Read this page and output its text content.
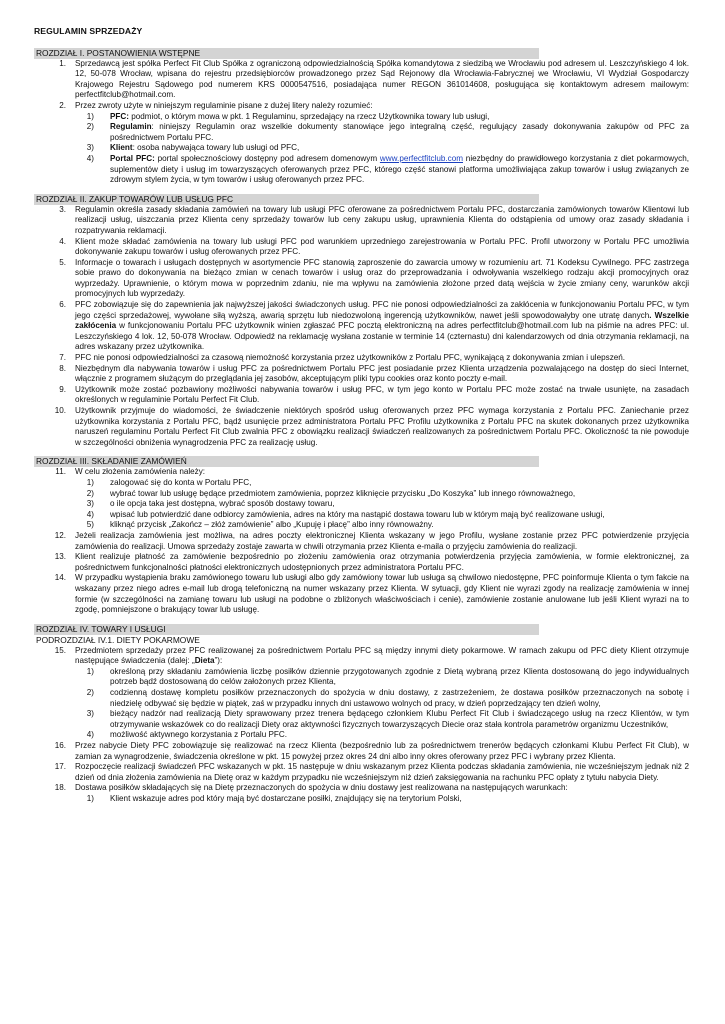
REGULAMIN SPRZEDAŻY
ROZDZIAŁ I. POSTANOWIENIA WSTĘPNE
1.	Sprzedawcą jest spółka Perfect Fit Club Spółka z ograniczoną odpowiedzialnością Spółka komandytowa z siedzibą we Wrocławiu pod adresem ul. Leszczyńskiego 4 lok. 12, 50-078 Wrocław, wpisana do rejestru przedsiębiorców prowadzonego przez Sąd Rejonowy dla Wrocławia-Fabrycznej we Wrocławiu, VI Wydział Gospodarczy Krajowego Rejestru Sądowego pod numerem KRS 0000547516, posiadająca numer REGON 361014608, posługująca się kontaktowym adresem mailowym: perfectfitclub@hotmail.com.
2.	Przez zwroty użyte w niniejszym regulaminie pisane z dużej litery należy rozumieć:
1)	PFC: podmiot, o którym mowa w pkt. 1 Regulaminu, sprzedający na rzecz Użytkownika towary lub usługi,
2)	Regulamin: niniejszy Regulamin oraz wszelkie dokumenty stanowiące jego integralną część, regulujący zasady dokonywania zakupów od PFC za pośrednictwem Portalu PFC.
3)	Klient: osoba nabywająca towary lub usługi od PFC,
4)	Portal PFC: portal społecznościowy dostępny pod adresem domenowym www.perfectfitclub.com niezbędny do prawidłowego korzystania z diet pokarmowych, suplementów diety i usług im towarzyszących oferowanych przez PFC, którego część stanowi platforma umożliwiająca zakup towarów i usług związanych ze zdrowym stylem życia, w tym towarów i usług oferowanych przez PFC.
ROZDZIAŁ II. ZAKUP TOWARÓW LUB USŁUG PFC
3.	Regulamin określa zasady składania zamówień na towary lub usługi PFC oferowane za pośrednictwem Portalu PFC, dostarczania zamówionych towarów Klientowi lub realizacji usług, uiszczania przez Klienta ceny sprzedaży towarów lub ceny zakupu usług, uprawnienia Klienta do odstąpienia od umowy oraz zasady składania i rozpatrywania reklamacji.
4.	Klient może składać zamówienia na towary lub usługi PFC pod warunkiem uprzedniego zarejestrowania w Portalu PFC. Profil utworzony w Portalu PFC umożliwia dokonywanie zakupu towarów i usług oferowanych przez PFC.
5.	Informacje o towarach i usługach dostępnych w asortymencie PFC stanowią zaproszenie do zawarcia umowy w rozumieniu art. 71 Kodeksu Cywilnego. PFC zastrzega sobie prawo do dokonywania na bieżąco zmian w cenach towarów i usług oraz do przeprowadzania i odwoływania wszelkiego rodzaju akcji promocyjnych oraz wyprzedaży. Uprawnienie, o którym mowa w poprzednim zdaniu, nie ma wpływu na zamówienia złożone przed datą wejścia w życie zmiany ceny, warunków akcji promocyjnych lub wyprzedaży.
6.	PFC zobowiązuje się do zapewnienia jak najwyższej jakości świadczonych usług. PFC nie ponosi odpowiedzialności za zakłócenia w funkcjonowaniu Portalu PFC, w tym jego części sprzedażowej, wywołane siłą wyższą, awarią sprzętu lub niedozwoloną ingerencją użytkowników, nawet jeśli spowodowałyby one utratę danych. Wszelkie zakłócenia w funkcjonowaniu Portalu PFC użytkownik winien zgłaszać PFC pocztą elektroniczną na adres perfectfitclub@hotmail.com lub na piśmie na adres PFC: ul. Leszczyńskiego 4 lok. 12, 50-078 Wrocław. Odpowiedź na reklamację wysłana zostanie w terminie 14 (czternastu) dni kalendarzowych od dnia otrzymania reklamacji, na adres wskazany przez użytkownika.
7.	PFC nie ponosi odpowiedzialności za czasową niemożność korzystania przez użytkowników z Portalu PFC, wynikającą z dokonywania zmian i ulepszeń.
8.	Niezbędnym dla nabywania towarów i usług PFC za pośrednictwem Portalu PFC jest posiadanie przez Klienta urządzenia pozwalającego na dostęp do sieci Internet, włącznie z programem służącym do przeglądania jej zasobów, akceptującym pliki typu cookies oraz konto poczty e-mail.
9.	Użytkownik może zostać pozbawiony możliwości nabywania towarów i usług PFC, w tym jego konto w Portalu PFC może zostać na trwałe usunięte, na zasadach określonych w regulaminie Portalu Perfect Fit Club.
10.	Użytkownik przyjmuje do wiadomości, że świadczenie niektórych spośród usług oferowanych przez PFC wymaga korzystania z Portalu PFC. Zaniechanie przez użytkownika korzystania z Portalu PFC, bądź usunięcie przez administratora Portalu PFC Profilu użytkownika z Portalu PFC na skutek dokonanych przez użytkownika naruszeń regulaminu Portalu Perfect Fit Club zwalnia PFC z obowiązku realizacji świadczeń realizowanych za pośrednictwem Portalu PFC. Okoliczność ta nie powoduje w szczególności obniżenia wynagrodzenia PFC za realizację usług.
ROZDZIAŁ III. SKŁADANIE ZAMÓWIEŃ
11.	W celu złożenia zamówienia należy:
1)	zalogować się do konta w Portalu PFC,
2)	wybrać towar lub usługę będące przedmiotem zamówienia, poprzez kliknięcie przycisku „Do Koszyka” lub innego równoważnego,
3)	o ile opcja taka jest dostępna, wybrać sposób dostawy towaru,
4)	wpisać lub potwierdzić dane odbiorcy zamówienia, adres na który ma nastąpić dostawa towaru lub w którym mają być realizowane usługi,
5)	kliknąć przycisk „Zakończ – złóż zamówienie” albo „Kupuję i płacę” albo inny równoważny.
12.	Jeżeli realizacja zamówienia jest możliwa, na adres poczty elektronicznej Klienta wskazany w jego Profilu, wysłane zostanie przez PFC potwierdzenie przyjęcia zamówienia do realizacji. Umowa sprzedaży zostaje zawarta w chwili otrzymania przez Klienta e-maila o przyjęciu zamówienia do realizacji.
13.	Klient realizuje płatność za zamówienie bezpośrednio po złożeniu zamówienia oraz otrzymania potwierdzenia przyjęcia zamówienia, w formie elektronicznej, za pośrednictwem funkcjonalności płatności elektronicznych udostępnionych przez administratora Portalu PFC.
14.	W przypadku wystąpienia braku zamówionego towaru lub usługi albo gdy zamówiony towar lub usługa są chwilowo niedostępne, PFC poinformuje Klienta o tym fakcie na wskazany przez niego adres e-mail lub drogą telefoniczną na numer wskazany przez Klienta. W sytuacji, gdy Klient nie wyrazi zgody na realizację zamówienia w innej formie (w szczególności na zamianę towaru lub usługi na podobne o zbliżonych właściwościach i cenie), zamówienie zostanie anulowane lub jeśli Klient wyrazi na to zgodę, pomniejszone o brakujący towar lub usługę.
ROZDZIAŁ IV. TOWARY I USŁUGI
PODROZDZIAŁ IV.1. DIETY POKARMOWE
15.	Przedmiotem sprzedaży przez PFC realizowanej za pośrednictwem Portalu PFC są między innymi diety pokarmowe. W ramach zakupu od PFC diety Klient otrzymuje następujące świadczenia (dalej: „Dieta”):
1)	określoną przy składaniu zamówienia liczbę posiłków dziennie przygotowanych zgodnie z Dietą wybraną przez Klienta dostosowaną do jego indywidualnych potrzeb bądź dostosowaną do celów założonych przez Klienta,
2)	codzienną dostawę kompletu posiłków przeznaczonych do spożycia w dniu dostawy, z zastrzeżeniem, że dostawa posiłków przeznaczonych na sobotę i niedzielę odbywać się będzie w piątek, zaś w przypadku innych dni ustawowo wolnych od pracy, w dzień poprzedzający ten dzień wolny,
3)	bieżący nadzór nad realizacją Diety sprawowany przez trenera będącego członkiem Klubu Perfect Fit Club i świadczącego usług na rzecz Klientów, w tym otrzymywanie wskazówek co do realizacji Diety oraz aktywności fizycznych towarzyszących Diecie oraz stała kontrola parametrów organizmu Uczestników,
4)	możliwość aktywnego korzystania z Portalu PFC.
16.	Przez nabycie Diety PFC zobowiązuje się realizować na rzecz Klienta (bezpośrednio lub za pośrednictwem trenerów będących członkami Klubu Perfect Fit Club), w zamian za wynagrodzenie, świadczenia określone w pkt. 15 powyżej przez okres 24 dni albo inny okres oferowany przez PFC i wybrany przez Klienta.
17.	Rozpoczęcie realizacji świadczeń PFC wskazanych w pkt. 15 następuje w dniu wskazanym przez Klienta podczas składania zamówienia, nie wcześniejszym jednak niż 2 dzień od dnia złożenia zamówienia na Dietę oraz w każdym przypadku nie wcześniejszym niż dzień zaksięgowania na rachunku PFC opłaty z tytułu nabycia Diety.
18.	Dostawa posiłków składających się na Dietę przeznaczonych do spożycia w dniu dostawy jest realizowana na następujących warunkach:
1)	Klient wskazuje adres pod który mają być dostarczane posiłki, znajdujący się na terytorium Polski,
